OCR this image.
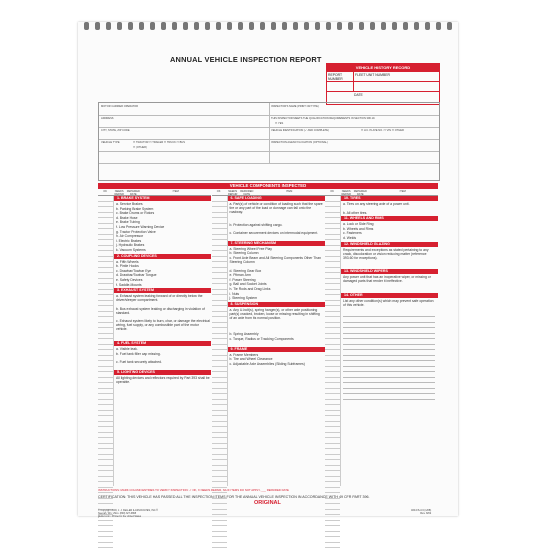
ANNUAL VEHICLE INSPECTION REPORT
VEHICLE HISTORY RECORD
REPORT NUMBER
FLEET UNIT NUMBER
DATE
MOTOR CARRIER OPERATOR	INSPECTOR'S NAME (PRINT OR TYPE)
ADDRESS	THIS INSPECTOR MEETS THE QUALIFICATION REQUIREMENTS IN SECTION 396.19.
☐ YES
CITY, STATE, ZIP CODE	VEHICLE IDENTIFICATION (✓ AND COMPLETE)	☐ LIC. PLATE NO. ☐ VIN ☐ OTHER
VEHICLE TYPE	☐ TRACTOR ☐ TRAILER ☐ TRUCK ☐ BUS
☐ (OTHER)
INSPECTION AGENCY/LOCATION (OPTIONAL)
VEHICLE COMPONENTS INSPECTED
OK	NEEDS REPAIR
REPAIRED DATE
ITEM
1. BRAKE SYSTEM
a. Service Brakes
b. Parking Brake System
c. Brake Drums or Rotors
d. Brake Hose
e. Brake Tubing
f. Low Pressure Warning Device
g. Tractor Protection Valve
h. Air Compressor
i. Electric Brakes
j. Hydraulic Brakes
k. Vacuum Systems
2. COUPLING DEVICES
a. Fifth Wheels
b. Pintle Hooks
c. Drawbar/Towbar Eye
d. Drawbar/Towbar Tongue
e. Safety Devices
f. Saddle-Mounts
3. EXHAUST SYSTEM
a. Exhaust system leaking forward of or directly below the driver/sleeper compartment.
b. Bus exhaust system leaking or discharging in violation of standard.
c. Exhaust system likely to burn, char, or damage the electrical wiring, fuel supply, or any combustible part of the motor vehicle.
4. FUEL SYSTEM
a. Visible leak.
b. Fuel tank filler cap missing.
c. Fuel tank securely attached.
5. LIGHTING DEVICES
All lighting devices and reflectors required by Part 393 shall be operable.
OK	NEEDS REPAIR
REPAIRED DATE
ITEM
6. SAFE LOADING
a. Part(s) of vehicle or condition of loading such that the spare tire or any part of the load or dunnage can fall onto the roadway.
b. Protection against shifting cargo.
c. Container securement devices on intermodal equipment.
7. STEERING MECHANISM
a. Steering Wheel Free Play
b. Steering Column
c. Front Axle Beam and All Steering Components Other Than Steering Column
d. Steering Gear Box
e. Pitman Arm
f. Power Steering
g. Ball and Socket Joints
h. Tie Rods and Drag Links
i. Nuts
j. Steering System
8. SUSPENSION
a. Any U-bolt(s), spring hanger(s), or other axle positioning part(s) cracked, broken, loose or missing resulting in shifting of an axle from its normal position.
b. Spring Assembly
c. Torque, Radius or Tracking Components
9. FRAME
a. Frame Members
b. Tire and Wheel Clearance
c. Adjustable Axle Assemblies (Sliding Subframes)
OK	NEEDS REPAIR
REPAIRED DATE
ITEM
10. TIRES
a. Tires on any steering axle of a power unit.
b. All other tires.
11. WHEELS AND RIMS
a. Lock or Side Ring
b. Wheels and Rims
c. Fasteners
d. Welds
12. WINDSHIELD GLAZING
Requirements and exceptions as stated pertaining to any crack, discoloration or vision reducing matter (reference 393.60 for exceptions).
13. WINDSHIELD WIPERS
Any power unit that has an inoperative wiper, or missing or damaged parts that render it ineffective.
14. OTHER
List any other condition(s) which may prevent safe operation of this vehicle.
INSTRUCTIONS: MARK COLUMN ENTRIES TO VERIFY INSPECTION: ✓ OK, X NEEDS REPAIR, NA IF ITEMS DO NOT APPLY, ___ REPAIRED DATE
CERTIFICATION: THIS VEHICLE HAS PASSED ALL THE INSPECTION ITEMS FOR THE ANNUAL VEHICLE INSPECTION IN ACCORDANCE WITH 49 CFR PART 396.
ORIGINAL
© Copyright 2003, J. J. KELLER & ASSOCIATES, INC.®
Neenah, WI • USA • (800) 327-6868
jjkeller.com • Printed in the United States
460-FS-C3 (1/08)
Rev. 8/02
